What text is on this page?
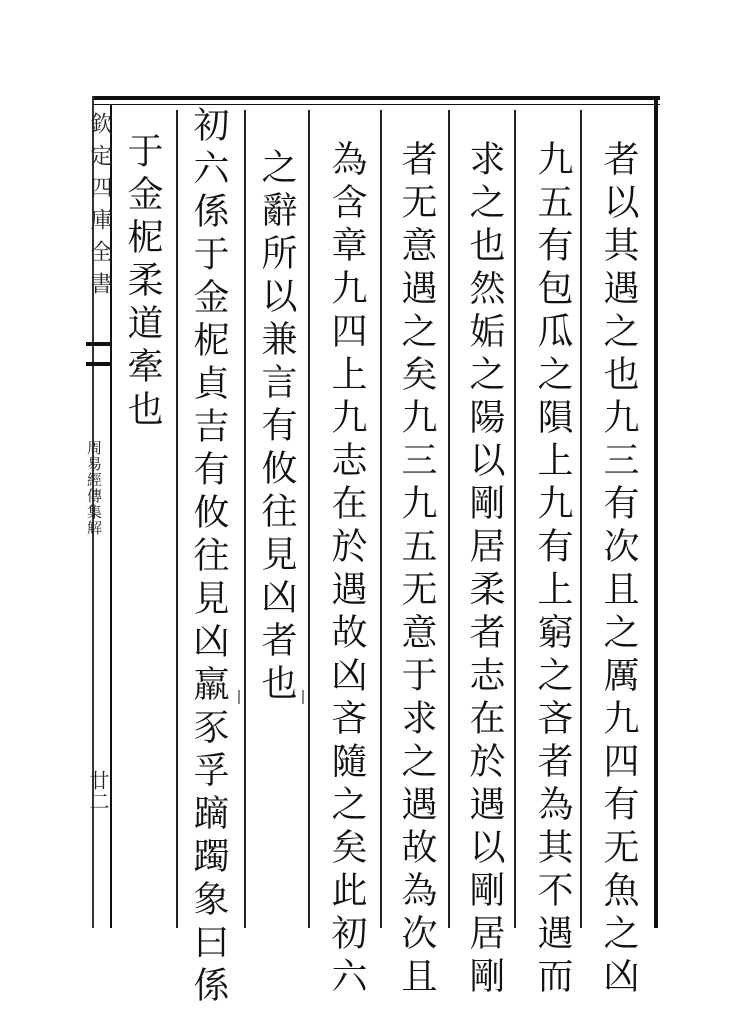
欽定四庫全書
周易經傳集解
廿二	者以其遇之也九三有次且之厲九四有无魚之凶
九五有包瓜之隕上九有上窮之吝者為其不遇而
求之也然姤之陽以剛居柔者志在於遇以剛居剛
者无意遇之矣九三九五无意于求之遇故為次且
為含章九四上九志在於遇故凶吝隨之矣此初六
之辭所以兼言有攸往見凶者也
初六係于金柅貞吉有攸往見凶羸豕孚蹢躅象曰係
于金柅柔道牽也
